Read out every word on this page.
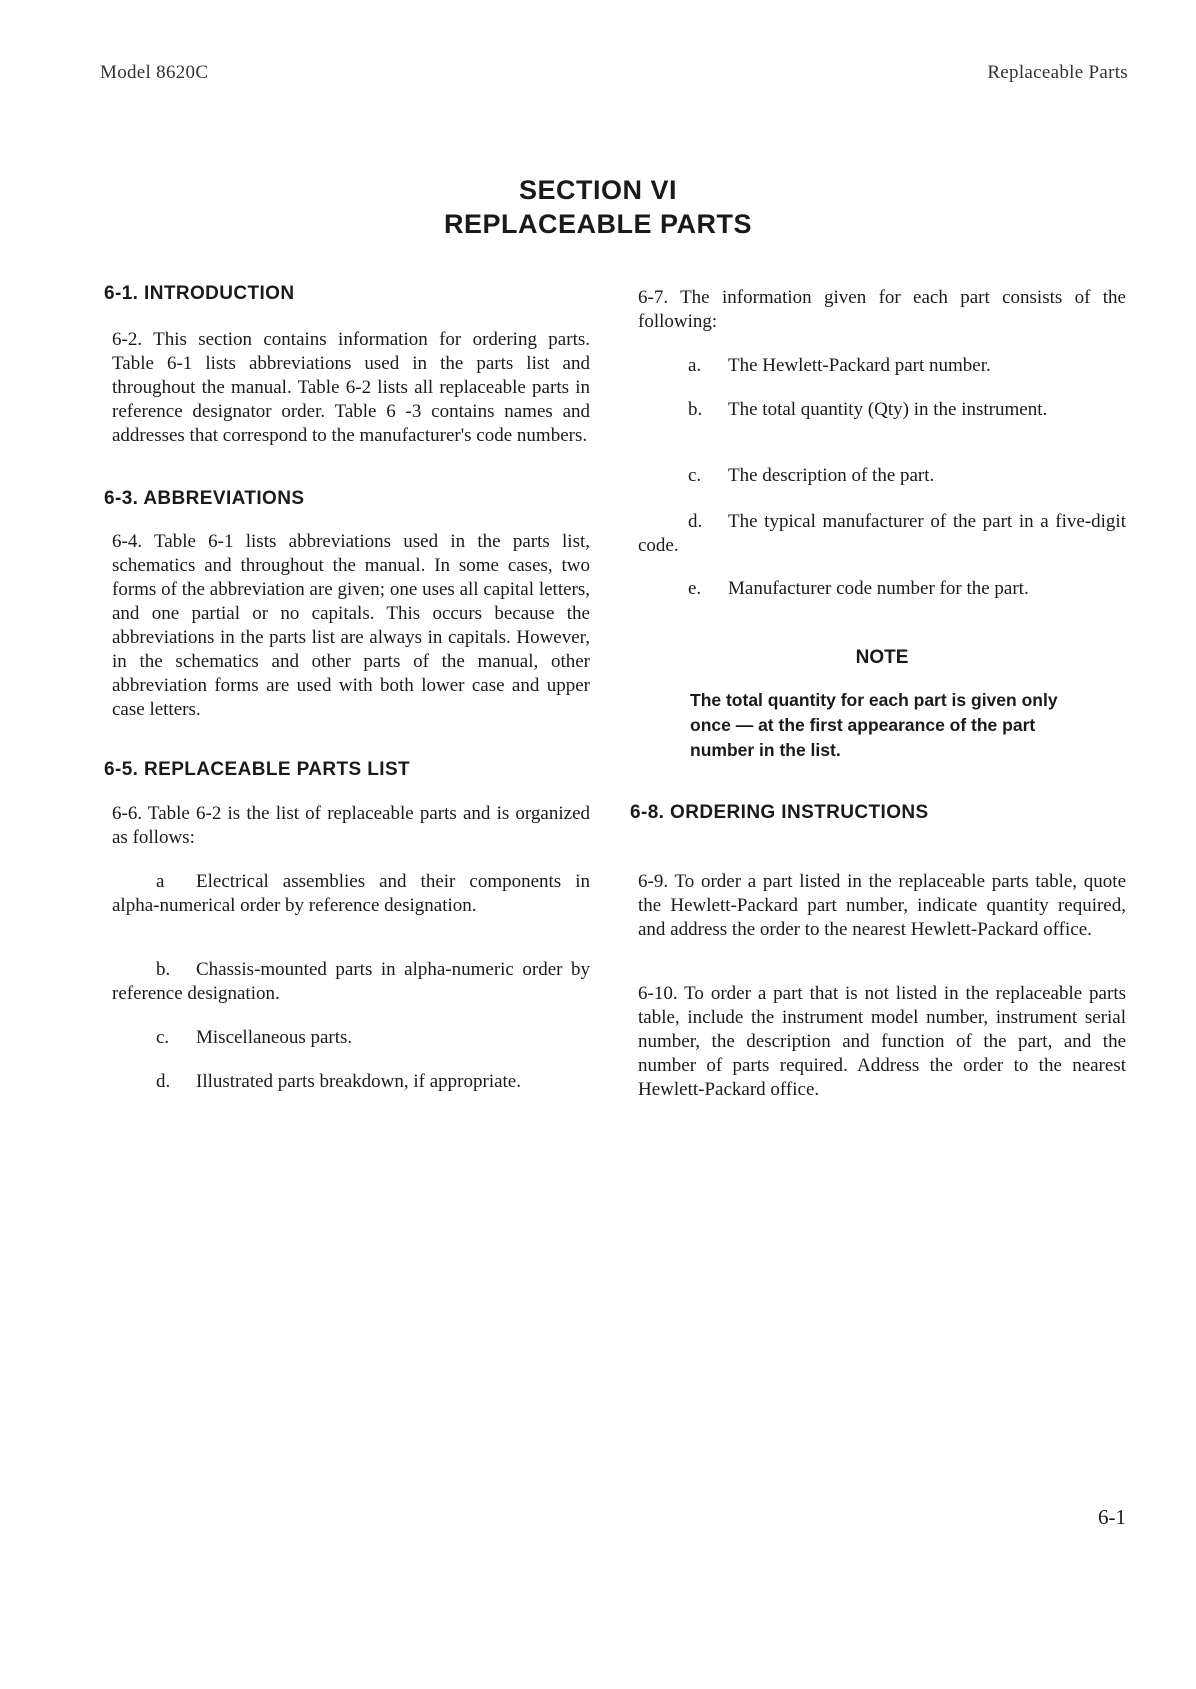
Model 8620C	Replaceable Parts
SECTION VI
REPLACEABLE PARTS
6-1. INTRODUCTION
6-2. This section contains information for ordering parts. Table 6-1 lists abbreviations used in the parts list and throughout the manual. Table 6-2 lists all replaceable parts in reference designator order. Table 6 -3 contains names and addresses that correspond to the manufacturer's code numbers.
6-3. ABBREVIATIONS
6-4. Table 6-1 lists abbreviations used in the parts list, schematics and throughout the manual. In some cases, two forms of the abbreviation are given; one uses all capital letters, and one partial or no capitals. This occurs because the abbreviations in the parts list are always in capitals. However, in the schematics and other parts of the manual, other abbreviation forms are used with both lower case and upper case letters.
6-5. REPLACEABLE PARTS LIST
6-6. Table 6-2 is the list of replaceable parts and is organized as follows:
a Electrical assemblies and their components in alpha-numerical order by reference designation.
b. Chassis-mounted parts in alpha-numeric order by reference designation.
c. Miscellaneous parts.
d. Illustrated parts breakdown, if appropriate.
6-7. The information given for each part consists of the following:
a. The Hewlett-Packard part number.
b. The total quantity (Qty) in the instrument.
c. The description of the part.
d. The typical manufacturer of the part in a five-digit code.
e. Manufacturer code number for the part.
NOTE
The total quantity for each part is given only once — at the first appearance of the part number in the list.
6-8. ORDERING INSTRUCTIONS
6-9. To order a part listed in the replaceable parts table, quote the Hewlett-Packard part number, indicate quantity required, and address the order to the nearest Hewlett-Packard office.
6-10. To order a part that is not listed in the replaceable parts table, include the instrument model number, instrument serial number, the description and function of the part, and the number of parts required. Address the order to the nearest Hewlett-Packard office.
6-1
